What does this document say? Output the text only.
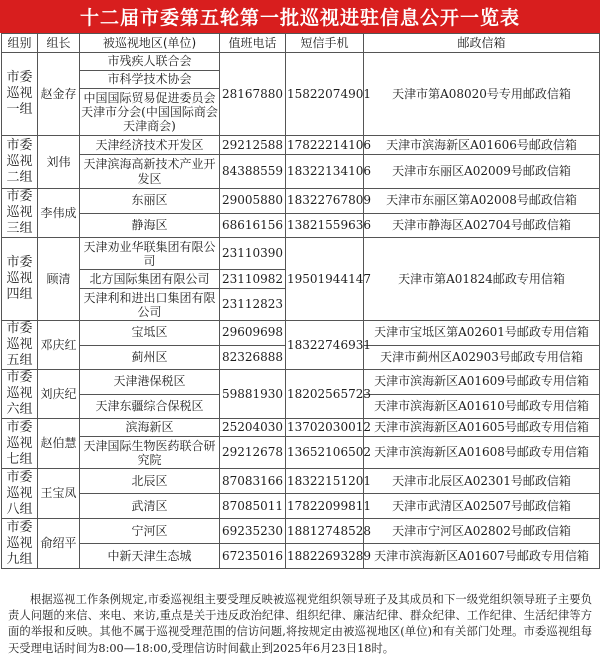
十二届市委第五轮第一批巡视进驻信息公开一览表
组别	组长	被巡视地区(单位)	值班电话	短信手机	邮政信箱
市委巡视一组	赵金存	市残疾人联合会	28167880	15822074901	天津市第A08020号专用邮政信箱
		市科学技术协会			
		中国国际贸易促进委员会天津市分会(中国国际商会天津商会)			
市委巡视二组	刘伟	天津经济技术开发区	29212588	17822214106	天津市滨海新区A01606号邮政信箱
		天津滨海高新技术产业开发区	84388559	18322134106	天津市东丽区A02009号邮政信箱
市委巡视三组	李伟成	东丽区	29005880	18322767809	天津市东丽区第A02008号邮政信箱
		静海区	68616156	13821559636	天津市静海区A02704号邮政信箱
市委巡视四组	顾清	天津劝业华联集团有限公司	23110390	19501944147	天津市第A01824邮政专用信箱
		北方国际集团有限公司	23110982		
		天津利和进出口集团有限公司	23112823		
市委巡视五组	邓庆红	宝坻区	29609698	18322746931	天津市宝坻区第A02601号邮政专用信箱
		蓟州区	82326888		天津市蓟州区A02903号邮政专用信箱
市委巡视六组	刘庆纪	天津港保税区	59881930	18202565723	天津市滨海新区A01609号邮政专用信箱
		天津东疆综合保税区			天津市滨海新区A01610号邮政专用信箱
市委巡视七组	赵伯慧	滨海新区	25204030	13702030012	天津市滨海新区A01605号邮政专用信箱
		天津国际生物医药联合研究院	29212678	13652106502	天津市滨海新区A01608号邮政专用信箱
市委巡视八组	王宝凤	北辰区	87083166	18322151201	天津市北辰区A02301号邮政信箱
		武清区	87085011	17822099811	天津市武清区A02507号邮政信箱
市委巡视九组	俞绍平	宁河区	69235230	18812748528	天津市宁河区A02802号邮政信箱
		中新天津生态城	67235016	18822693289	天津市滨海新区A01607号邮政专用信箱
根据巡视工作条例规定,市委巡视组主要受理反映被巡视党组织领导班子及其成员和下一级党组织领导班子主要负责人问题的来信、来电、来访,重点是关于违反政治纪律、组织纪律、廉洁纪律、群众纪律、工作纪律、生活纪律等方面的举报和反映。其他不属于巡视受理范围的信访问题,将按规定由被巡视地区(单位)和有关部门处理。市委巡视组每天受理电话时间为8:00—18:00,受理信访时间截止到2025年6月23日18时。
